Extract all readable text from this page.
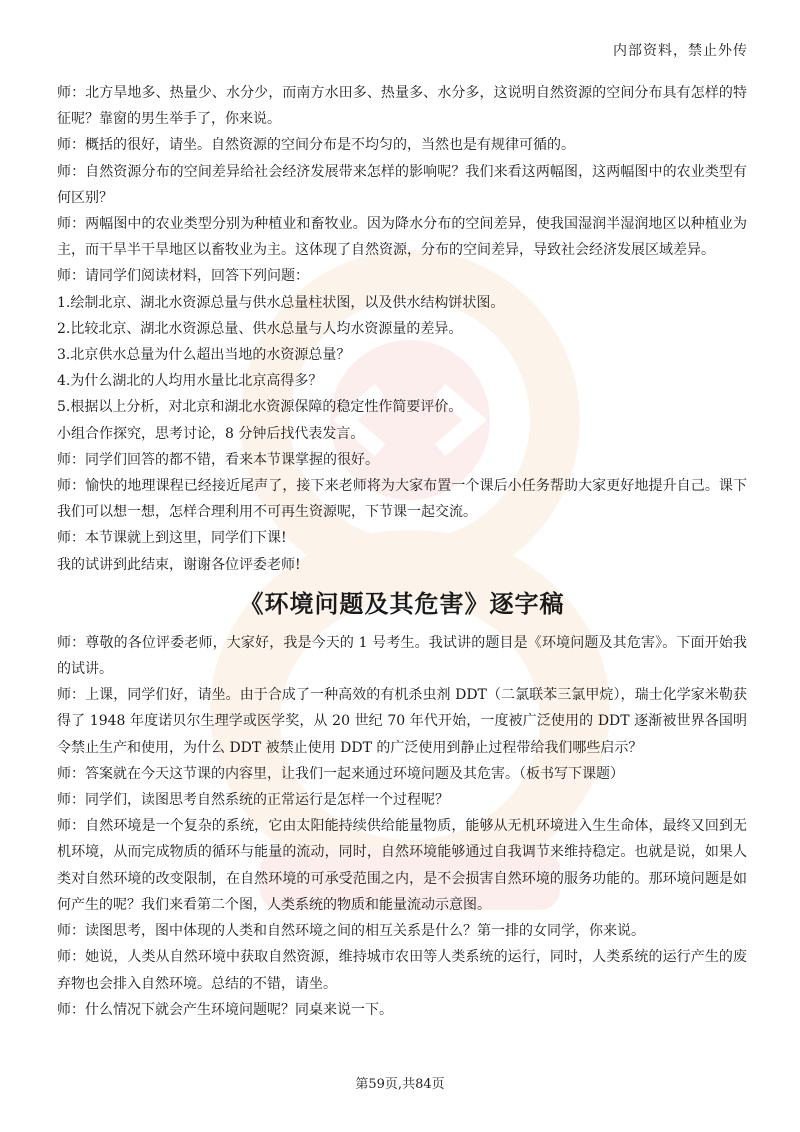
内部资料，禁止外传

师：北方旱地多、热量少、水分少，而南方水田多、热量多、水分多，这说明自然资源的空间分布具有怎样的特征呢？靠窗的男生举手了，你来说。

师：概括的很好，请坐。自然资源的空间分布是不均匀的，当然也是有规律可循的。

师：自然资源分布的空间差异给社会经济发展带来怎样的影响呢？我们来看这两幅图，这两幅图中的农业类型有何区别？

师：两幅图中的农业类型分别为种植业和畜牧业。因为降水分布的空间差异，使我国湿润半湿润地区以种植业为主，而干旱半干旱地区以畜牧业为主。这体现了自然资源，分布的空间差异，导致社会经济发展区域差异。

师：请同学们阅读材料，回答下列问题：

1.绘制北京、湖北水资源总量与供水总量柱状图，以及供水结构饼状图。

2.比较北京、湖北水资源总量、供水总量与人均水资源量的差异。

3.北京供水总量为什么超出当地的水资源总量？

4.为什么湖北的人均用水量比北京高得多？

5.根据以上分析，对北京和湖北水资源保障的稳定性作简要评价。

小组合作探究，思考讨论，8 分钟后找代表发言。

师：同学们回答的都不错，看来本节课掌握的很好。

师：愉快的地理课程已经接近尾声了，接下来老师将为大家布置一个课后小任务帮助大家更好地提升自己。课下我们可以想一想，怎样合理利用不可再生资源呢，下节课一起交流。

师：本节课就上到这里，同学们下课!

我的试讲到此结束，谢谢各位评委老师!

《环境问题及其危害》逐字稿

师：尊敬的各位评委老师，大家好，我是今天的 1 号考生。我试讲的题目是《环境问题及其危害》。下面开始我的试讲。

师：上课，同学们好，请坐。由于合成了一种高效的有机杀虫剂 DDT（二氯联苯三氯甲烷），瑞士化学家米勒获得了 1948 年度诺贝尔生理学或医学奖，从 20 世纪 70 年代开始，一度被广泛使用的 DDT 逐渐被世界各国明令禁止生产和使用，为什么 DDT 被禁止使用 DDT 的广泛使用到静止过程带给我们哪些启示？

师：答案就在今天这节课的内容里，让我们一起来通过环境问题及其危害。（板书写下课题）

师：同学们，读图思考自然系统的正常运行是怎样一个过程呢？

师：自然环境是一个复杂的系统，它由太阳能持续供给能量物质，能够从无机环境进入生生命体，最终又回到无机环境，从而完成物质的循环与能量的流动，同时，自然环境能够通过自我调节来维持稳定。也就是说，如果人类对自然环境的改变限制，在自然环境的可承受范围之内，是不会损害自然环境的服务功能的。那环境问题是如何产生的呢？我们来看第二个图，人类系统的物质和能量流动示意图。

师：读图思考，图中体现的人类和自然环境之间的相互关系是什么？第一排的女同学，你来说。

师：她说，人类从自然环境中获取自然资源，维持城市农田等人类系统的运行，同时，人类系统的运行产生的废弃物也会排入自然环境。总结的不错，请坐。

师：什么情况下就会产生环境问题呢？同桌来说一下。

第59页,共84页
